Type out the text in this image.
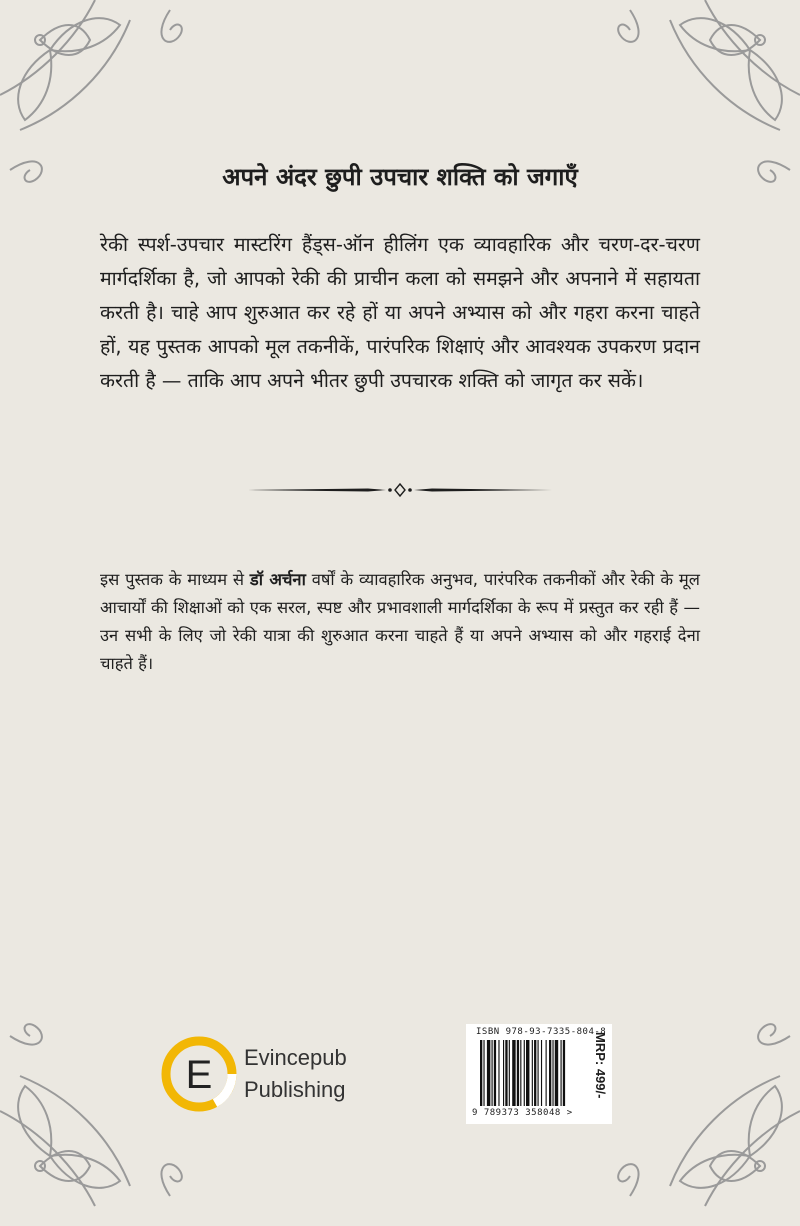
अपने अंदर छुपी उपचार शक्ति को जगाएँ

रेकी स्पर्श-उपचार मास्टरिंग हैंड्स-ऑन हीलिंग एक व्यावहारिक और चरण-दर-चरण मार्गदर्शिका है, जो आपको रेकी की प्राचीन कला को समझने और अपनाने में सहायता करती है। चाहे आप शुरुआत कर रहे हों या अपने अभ्यास को और गहरा करना चाहते हों, यह पुस्तक आपको मूल तकनीकें, पारंपरिक शिक्षाएं और आवश्यक उपकरण प्रदान करती है — ताकि आप अपने भीतर छुपी उपचारक शक्ति को जागृत कर सकें।

इस पुस्तक के माध्यम से डॉ अर्चना वर्षों के व्यावहारिक अनुभव, पारंपरिक तकनीकों और रेकी के मूल आचार्यों की शिक्षाओं को एक सरल, स्पष्ट और प्रभावशाली मार्गदर्शिका के रूप में प्रस्तुत कर रही हैं — उन सभी के लिए जो रेकी यात्रा की शुरुआत करना चाहते हैं या अपने अभ्यास को और गहराई देना चाहते हैं।

E Evincepub
Publishing
ISBN 978-93-7335-804-8
9 789373 358048 >
MRP: 499/-
